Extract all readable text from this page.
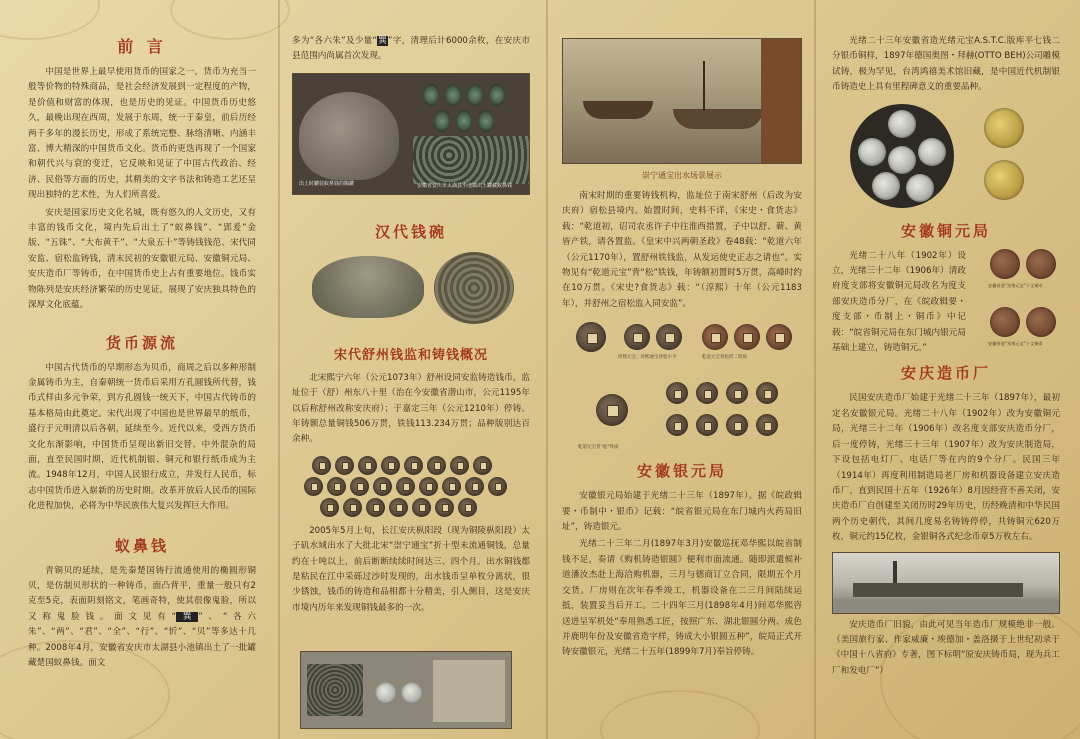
前 言

中国是世界上最早使用货币的国家之一，货币为充当一般等价物的特殊商品，是社会经济发展到一定程度的产物，是价值和财富的体现，也是历史的见证。中国货币历史悠久，最晚出现在西周，发展于东周，统一于秦皇，前后历经两千多年的漫长历史，形成了系统完整、脉络清晰、内涵丰富、博大精深的中国货币文化。货币的更迭再现了一个国家和朝代兴与衰的变迁，它反映和见证了中国古代政治、经济、民俗等方面的历史，其精美的文字书法和铸造工艺还呈现出独特的艺术性，为人们所喜爱。

安庆是国家历史文化名城，既有悠久的人文历史，又有丰富的钱币文化，境内先后出土了“蚁鼻钱”、“郢爰”金版、“五铢”、“大布黄千”、“大泉五十”等铸钱钱范、宋代同安监、宿松监铸钱，清末民初的安徽银元局、安徽铜元局、安庆造币厂等铸币，在中国货币史上占有重要地位。钱币实物陈列是安庆经济繁荣的历史见证，展现了安庆独具特色的深厚文化底蕴。

货币源流

中国古代货币的早期形态为贝币，商周之后以多种形制金属铸币为主，自秦朝统一货币后采用方孔圆钱所代替，钱币式样由多元争荣，到方孔圆钱一统天下，中国古代铸币的基本格局由此奠定。宋代出现了中国也是世界最早的纸币，盛行于元明清以后各朝，延续至今。近代以来，受西方货币文化东渐影响，中国货币呈现出新旧交替、中外混杂的局面，直至民国时期，近代机制银、铜元和银行纸币成为主流。1948年12月，中国人民银行成立，并发行人民币，标志中国货币进入崭新的历史时期。改革开放后人民币的国际化进程加快，必将为中华民族伟大复兴发挥巨大作用。

蚁鼻钱

青铜贝的延续，是先秦楚国铸行流通使用的椭圆形铜贝，是仿制贝形状的一种铸币，面凸背平，重量一般只有2克至5克，表面阴刻铭文，笔画奇特，使其很像鬼脸，所以又称鬼脸钱。面文见有“巽”、“各六朱”、“两”、“君”、“全”、“行”、“忻”、“贝”等多达十几种。2008年4月，安徽省安庆市太湖县小池镇出土了一批罐藏楚国蚁鼻钱。面文

多为“各六朱”及少量“巽”字，清理后计6000余枚，在安庆市县范围内尚属首次发现。

出土时罐装蚁鼻钱的陶罐	安徽省安庆市太湖县小池镇出土罐藏蚁鼻钱
汉代钱碗
宋代舒州钱监和铸钱概况

北宋熙宁六年（公元1073年）舒州设同安监铸造钱币，监址位于（舒）州东八十里（治在今安徽省潜山市，公元1195年以后称舒州改称安庆府）；于嘉定三年（公元1210年）停铸。年铸额总量铜钱506万贯，铁钱113.234万贯；品种版别达百余种。

2005年5月上旬，长江安庆枞阳段（现为铜陵枞阳段）太子矶水域出水了大批北宋“崇宁通宝”折十型未流通铜钱，总量约在十吨以上，前后断断续续时间达三、四个月。出水铜钱都是粘民在江中采砾过沙时发现的，出水钱币呈单枚分离状，很少锈蚀，钱币的铸造和品相都十分精美，引人侧目，这是安庆市境内历年来发现铜钱最多的一次。

崇宁通宝出水场景展示

南宋时期的重要铸钱机构，监址位于南宋舒州（后改为安庆府）宿松县境内。始置时间，史料不详，《宋史・食货志》载：“乾道初，诏司农丞许子中往淮西措置，子中以舒、蕲、黄皆产铁，请各置监。《皇宋中兴两朝圣政》卷48载：“乾道六年（公元1170年），置舒州铁钱监，从发运使史正志之请也”。实物见有“乾道元宝”背“松”铁钱，年铸额初置时5万贯，高峰时约在10万贯。《宋史?食货志》载：“（淳熙）十年（公元1183年），并舒州之宿松监入同安监”。

淳熙元宝、淳熙通宝背松小平	乾道元宝背松折二铁质
乾道元宝背“松”铁质
安徽银元局

安徽银元局始建于光绪二十三年（1897年）。据《皖政辑要・币制中・银币》记载：“皖省银元局在东门城内火药局旧址”，铸造银元。

光绪二十三年二月(1897年3月)安徽巡抚邓华熙以皖省制钱不足，奏请《购机铸造银圆》便利市面流通。随即派遣候补道潘汝杰赴上海洽购机器，三月与德商订立合同，限期五个月交货。厂房则在次年春季竣工，机器设备在二三月间陆续运抵，装置妥当后开工。二十四年三月(1898年4月)间邓华熙咨送进呈军机处“奉用熟悉工匠，按照广东、湖北银圆分两、成色并鹿明年份及安徽省造字样，铸成大小银圆五种”，皖局正式开铸安徽银元，光绪二十五年(1899年7月)奉旨停铸。

光绪二十三年安徽省造光绪元宝A.S.T.C.版库平七钱二分银币铜样，1897年德国奥图・拜赫(OTTO BEH)公司雕模试铸，极为罕见，台湾鸿禧美术馆旧藏，是中国近代机制银币铸造史上具有里程碑意义的重要品种。

安徽铜元局

光绪二十八年（1902年）设立，光绪三十二年（1906年）清政府度支部将安徽铜元局改名为度支部安庆造币分厂，在《皖政辑要・度支部・币制上・铜币》中记载：“皖省铜元局在东门城内银元局基础上建立，铸造铜元。”

安徽省造“光绪元宝”十文铜币
安徽省造“光绪元宝”十文铜币
安庆造币厂

民国安庆造币厂始建于光绪二十三年（1897年），最初定名安徽银元局。光绪二十八年（1902年）改为安徽铜元局，光绪三十二年（1906年）改名度支部安庆造币分厂，后一度停铸，光绪三十三年（1907年）改为安庆制造局，下设包括电灯厂、电话厂等在内的9个分厂。民国三年（1914年）再度利用制造局老厂房和机器设备建立安庆造币厂，直到民国十五年（1926年）8月因经营不善关闭，安庆造币厂自创建至关闭历时29年历史，历经晚清和中华民国两个历史朝代，其间几度易名铸铸停停，共铸铜元620万枚，铜元约15亿枚，金银铜各式纪念币章5万枚左右。

安庆造币厂旧貌，由此可见当年造币厂规模绝非一般。（美国旅行家、作家威廉・埃德加・盖洛摄于上世纪初录于《中国十八省府》专著，图下标明“原安庆铸币局，现为兵工厂和发电厂”）
